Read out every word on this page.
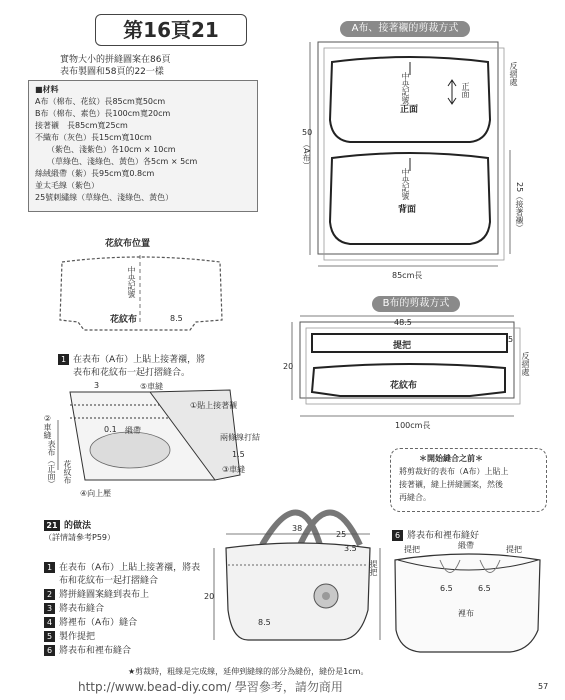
第16頁21
實物大小的拼縫圖案在86頁
表布製圖和58頁的22一樣
■材料
A布（棉布、花紋）長85cm寬50cm
B布（棉布、素色）長100cm寬20cm
接著襯　長85cm寬25cm
不織布（灰色）長15cm寬10cm
　　（紫色、淺紫色）各10cm × 10cm
　　（草綠色、淺綠色、黃色）各5cm × 5cm
絲絨緞帶（紫）長95cm寬0.8cm
並太毛線（紫色）
25號刺繡線（草綠色、淺綠色、黃色）
A布、接著襯的剪裁方式
中央記號
正面
正面
中央記號
背面
反摺處
50
（A布）
85cm長
25（接著襯）
花紋布位置
中央記號
花紋布	8.5
B布的剪裁方式
48.5
提把
花紋布
5
反摺處
20
100cm長
1 在表布（A布）上貼上接著襯，將
表布和花紋布一起打摺縫合。
3	⑤車縫
①貼上接著襯
②車縫	0.1 緞帶
兩條線打結
1.5
③車縫
表布（正面） 花紋布
④向上壓
＊開始縫合之前＊
將剪裁好的表布（A布）上貼上
接著襯，縫上拼縫圖案，然後
再縫合。
21 的做法
（詳情請參考P59）
1 在表布（A布）上貼上接著襯，將表
布和花紋布一起打摺縫合
2 將拼縫圖案縫到表布上
3 將表布縫合
4 將裡布（A布）縫合
5 製作提把
6 將表布和裡布縫合
38
25
3.5
20
8.5
提把
6 將表布和裡布縫好
提把	緞帶	提把
6.5	6.5
裡布
★剪裁時，粗線是完成線，延伸到縫線的部分為縫份，縫份是1cm。
http://www.bead-diy.com/ 學習參考，請勿商用	57
